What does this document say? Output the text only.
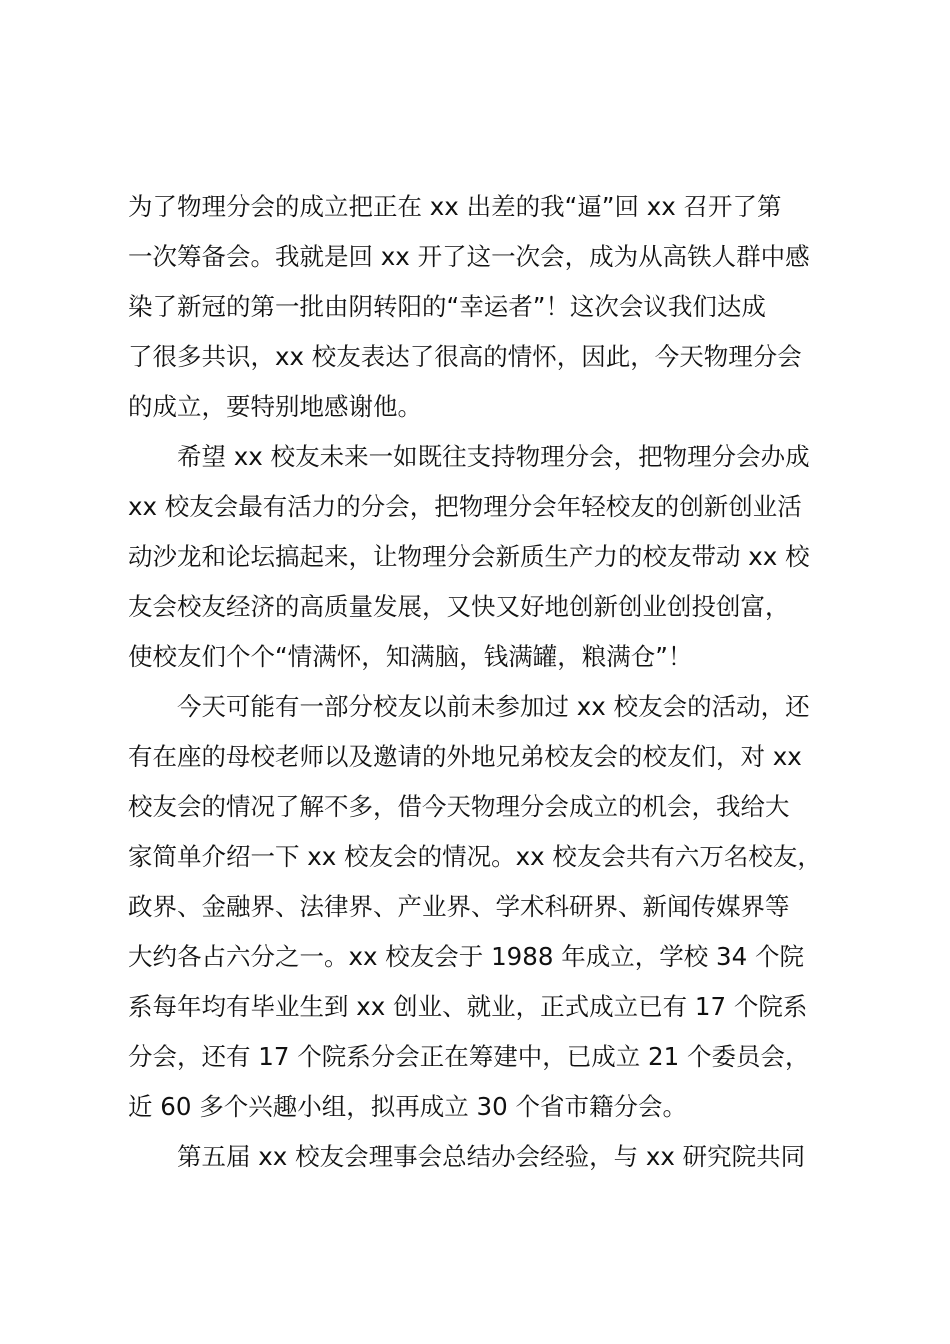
为了物理分会的成立把正在 xx 出差的我“逼”回 xx 召开了第
一次筹备会。我就是回 xx 开了这一次会，成为从高铁人群中感
染了新冠的第一批由阴转阳的“幸运者”！这次会议我们达成
了很多共识，xx 校友表达了很高的情怀，因此，今天物理分会
的成立，要特别地感谢他。
希望 xx 校友未来一如既往支持物理分会，把物理分会办成
xx 校友会最有活力的分会，把物理分会年轻校友的创新创业活
动沙龙和论坛搞起来，让物理分会新质生产力的校友带动 xx 校
友会校友经济的高质量发展，又快又好地创新创业创投创富，
使校友们个个“情满怀，知满脑，钱满罐，粮满仓”！
今天可能有一部分校友以前未参加过 xx 校友会的活动，还
有在座的母校老师以及邀请的外地兄弟校友会的校友们，对 xx
校友会的情况了解不多，借今天物理分会成立的机会，我给大
家简单介绍一下 xx 校友会的情况。xx 校友会共有六万名校友，
政界、金融界、法律界、产业界、学术科研界、新闻传媒界等
大约各占六分之一。xx 校友会于 1988 年成立，学校 34 个院
系每年均有毕业生到 xx 创业、就业，正式成立已有 17 个院系
分会，还有 17 个院系分会正在筹建中，已成立 21 个委员会，
近 60 多个兴趣小组，拟再成立 30 个省市籍分会。
第五届 xx 校友会理事会总结办会经验，与 xx 研究院共同
